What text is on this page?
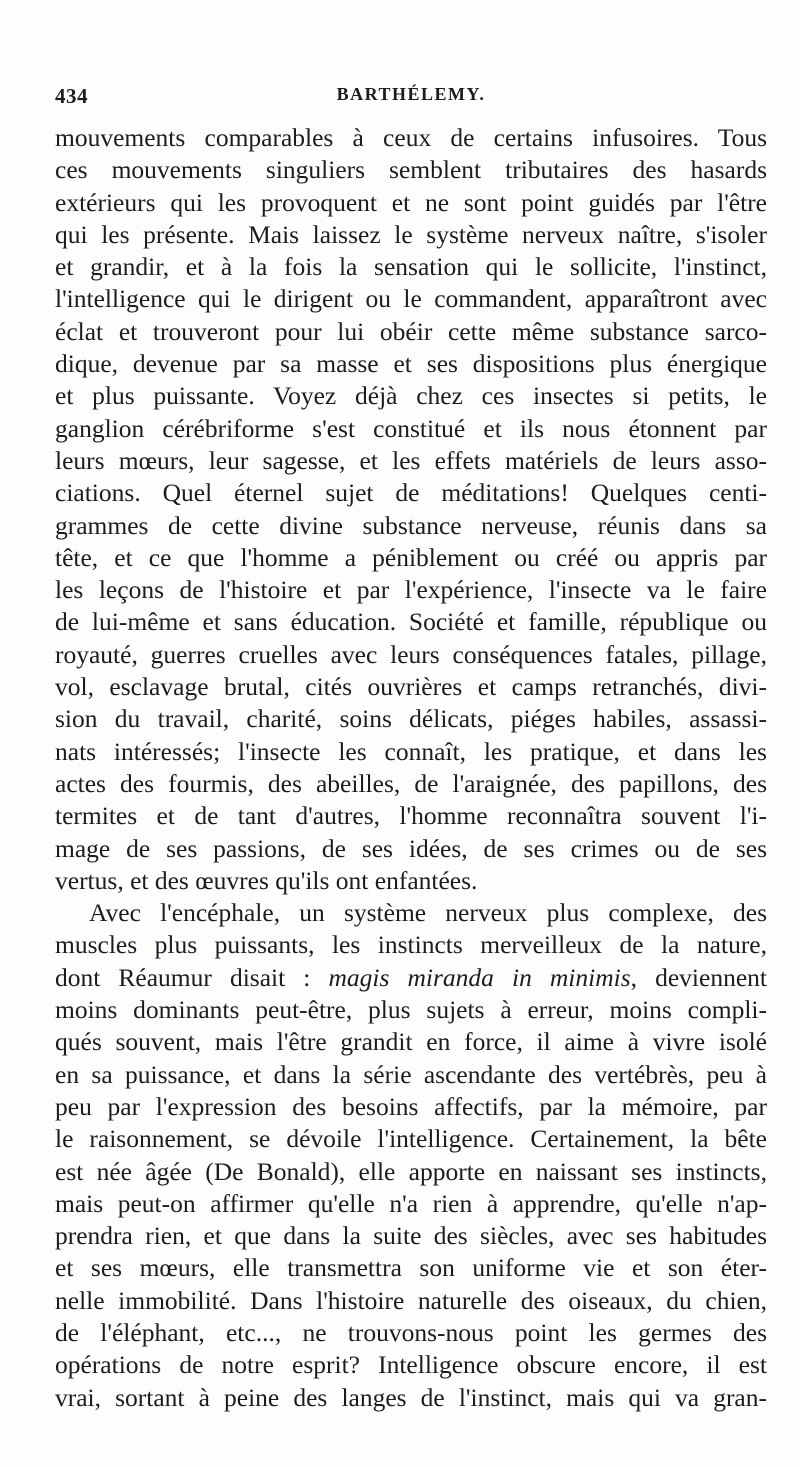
434	BARTHÉLEMY.
mouvements comparables à ceux de certains infusoires. Tous
ces mouvements singuliers semblent tributaires des hasards
extérieurs qui les provoquent et ne sont point guidés par l'être
qui les présente. Mais laissez le système nerveux naître, s'isoler
et grandir, et à la fois la sensation qui le sollicite, l'instinct,
l'intelligence qui le dirigent ou le commandent, apparaîtront avec
éclat et trouveront pour lui obéir cette même substance sarco-
dique, devenue par sa masse et ses dispositions plus énergique
et plus puissante. Voyez déjà chez ces insectes si petits, le
ganglion cérébriforme s'est constitué et ils nous étonnent par
leurs mœurs, leur sagesse, et les effets matériels de leurs asso-
ciations. Quel éternel sujet de méditations! Quelques centi-
grammes de cette divine substance nerveuse, réunis dans sa
tête, et ce que l'homme a péniblement ou créé ou appris par
les leçons de l'histoire et par l'expérience, l'insecte va le faire
de lui-même et sans éducation. Société et famille, république ou
royauté, guerres cruelles avec leurs conséquences fatales, pillage,
vol, esclavage brutal, cités ouvrières et camps retranchés, divi-
sion du travail, charité, soins délicats, piéges habiles, assassi-
nats intéressés; l'insecte les connaît, les pratique, et dans les
actes des fourmis, des abeilles, de l'araignée, des papillons, des
termites et de tant d'autres, l'homme reconnaîtra souvent l'i-
mage de ses passions, de ses idées, de ses crimes ou de ses
vertus, et des œuvres qu'ils ont enfantées.
Avec l'encéphale, un système nerveux plus complexe, des
muscles plus puissants, les instincts merveilleux de la nature,
dont Réaumur disait : magis miranda in minimis, deviennent
moins dominants peut-être, plus sujets à erreur, moins compli-
qués souvent, mais l'être grandit en force, il aime à vivre isolé
en sa puissance, et dans la série ascendante des vertébrès, peu à
peu par l'expression des besoins affectifs, par la mémoire, par
le raisonnement, se dévoile l'intelligence. Certainement, la bête
est née âgée (De Bonald), elle apporte en naissant ses instincts,
mais peut-on affirmer qu'elle n'a rien à apprendre, qu'elle n'ap-
prendra rien, et que dans la suite des siècles, avec ses habitudes
et ses mœurs, elle transmettra son uniforme vie et son éter-
nelle immobilité. Dans l'histoire naturelle des oiseaux, du chien,
de l'éléphant, etc..., ne trouvons-nous point les germes des
opérations de notre esprit? Intelligence obscure encore, il est
vrai, sortant à peine des langes de l'instinct, mais qui va gran-
